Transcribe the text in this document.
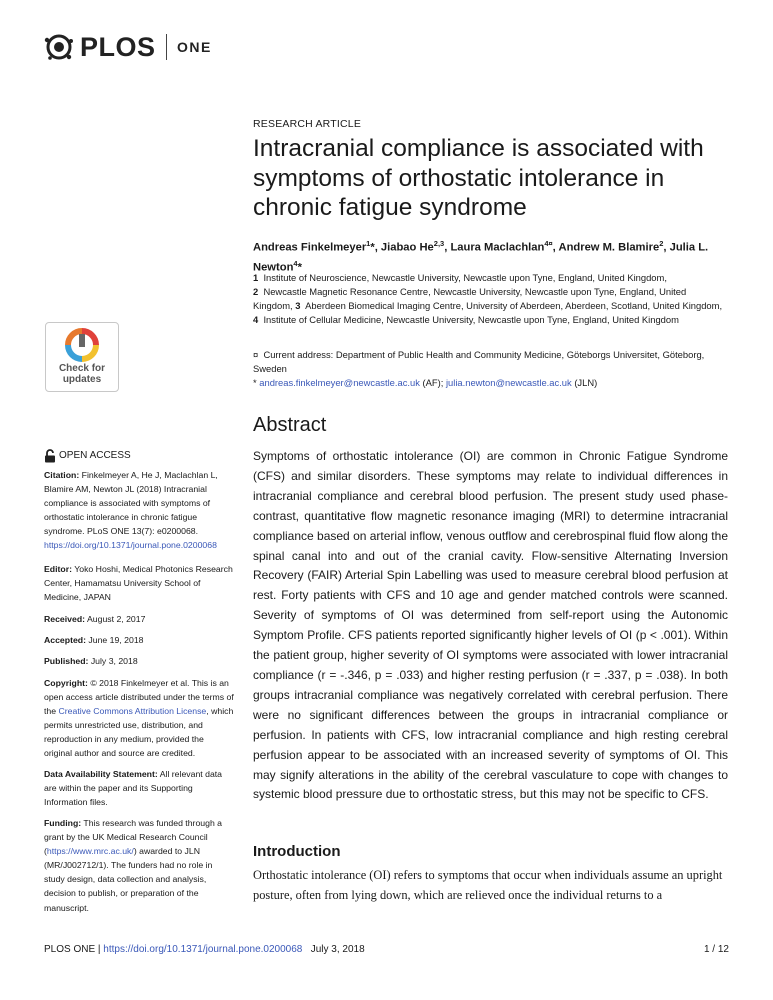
PLOS ONE
Check for
updates
OPEN ACCESS
Citation: Finkelmeyer A, He J, Maclachlan L, Blamire AM, Newton JL (2018) Intracranial compliance is associated with symptoms of orthostatic intolerance in chronic fatigue syndrome. PLoS ONE 13(7): e0200068. https://doi.org/10.1371/journal.pone.0200068
Editor: Yoko Hoshi, Medical Photonics Research Center, Hamamatsu University School of Medicine, JAPAN
Received: August 2, 2017
Accepted: June 19, 2018
Published: July 3, 2018
Copyright: © 2018 Finkelmeyer et al. This is an open access article distributed under the terms of the Creative Commons Attribution License, which permits unrestricted use, distribution, and reproduction in any medium, provided the original author and source are credited.
Data Availability Statement: All relevant data are within the paper and its Supporting Information files.
Funding: This research was funded through a grant by the UK Medical Research Council (https://www.mrc.ac.uk/) awarded to JLN (MR/J002712/1). The funders had no role in study design, data collection and analysis, decision to publish, or preparation of the manuscript.
RESEARCH ARTICLE
Intracranial compliance is associated with symptoms of orthostatic intolerance in chronic fatigue syndrome
Andreas Finkelmeyer$^1$*, Jiabao He$^{2,3}$, Laura Maclachlan$^{4¤}$, Andrew M. Blamire$^2$, Julia L. Newton$^4$*
1 Institute of Neuroscience, Newcastle University, Newcastle upon Tyne, England, United Kingdom,
2 Newcastle Magnetic Resonance Centre, Newcastle University, Newcastle upon Tyne, England, United Kingdom, 3 Aberdeen Biomedical Imaging Centre, University of Aberdeen, Aberdeen, Scotland, United Kingdom, 4 Institute of Cellular Medicine, Newcastle University, Newcastle upon Tyne, England, United Kingdom
¤ Current address: Department of Public Health and Community Medicine, Göteborgs Universitet, Göteborg, Sweden
* andreas.finkelmeyer@newcastle.ac.uk (AF); julia.newton@newcastle.ac.uk (JLN)
Abstract
Symptoms of orthostatic intolerance (OI) are common in Chronic Fatigue Syndrome (CFS) and similar disorders. These symptoms may relate to individual differences in intracranial compliance and cerebral blood perfusion. The present study used phase-contrast, quantitative flow magnetic resonance imaging (MRI) to determine intracranial compliance based on arterial inflow, venous outflow and cerebrospinal fluid flow along the spinal canal into and out of the cranial cavity. Flow-sensitive Alternating Inversion Recovery (FAIR) Arterial Spin Labelling was used to measure cerebral blood perfusion at rest. Forty patients with CFS and 10 age and gender matched controls were scanned. Severity of symptoms of OI was determined from self-report using the Autonomic Symptom Profile. CFS patients reported significantly higher levels of OI (p < .001). Within the patient group, higher severity of OI symptoms were associated with lower intracranial compliance (r = -.346, p = .033) and higher resting perfusion (r = .337, p = .038). In both groups intracranial compliance was negatively correlated with cerebral perfusion. There were no significant differences between the groups in intracranial compliance or perfusion. In patients with CFS, low intracranial compliance and high resting cerebral perfusion appear to be associated with an increased severity of symptoms of OI. This may signify alterations in the ability of the cerebral vasculature to cope with changes to systemic blood pressure due to orthostatic stress, but this may not be specific to CFS.
Introduction
Orthostatic intolerance (OI) refers to symptoms that occur when individuals assume an upright posture, often from lying down, which are relieved once the individual returns to a
PLOS ONE | https://doi.org/10.1371/journal.pone.0200068 July 3, 2018	1 / 12
